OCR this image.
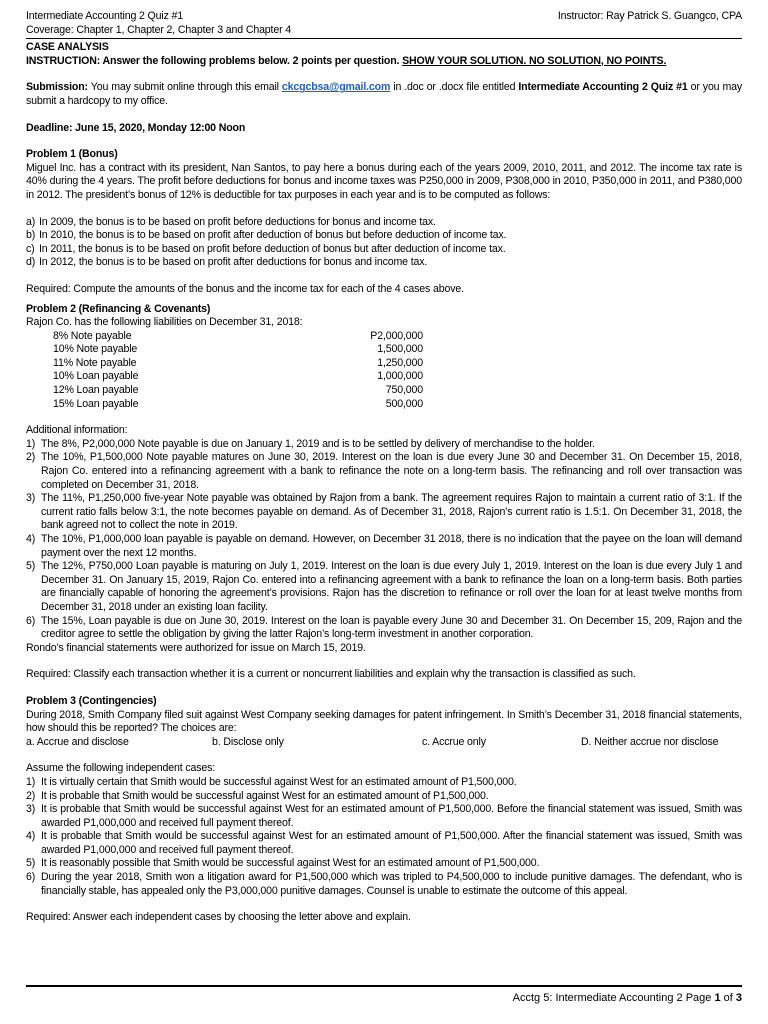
Intermediate Accounting 2 Quiz #1	Instructor: Ray Patrick S. Guangco, CPA
Coverage: Chapter 1, Chapter 2, Chapter 3 and Chapter 4
CASE ANALYSIS
INSTRUCTION: Answer the following problems below. 2 points per question. SHOW YOUR SOLUTION. NO SOLUTION, NO POINTS.

Submission: You may submit online through this email ckcgcbsa@gmail.com in .doc or .docx file entitled Intermediate Accounting 2 Quiz #1 or you may submit a hardcopy to my office.

Deadline: June 15, 2020, Monday 12:00 Noon
Problem 1 (Bonus)

Miguel Inc. has a contract with its president, Nan Santos, to pay here a bonus during each of the years 2009, 2010, 2011, and 2012. The income tax rate is 40% during the 4 years. The profit before deductions for bonus and income taxes was P250,000 in 2009, P308,000 in 2010, P350,000 in 2011, and P380,000 in 2012. The president’s bonus of 12% is deductible for tax purposes in each year and is to be computed as follows:

a) In 2009, the bonus is to be based on profit before deductions for bonus and income tax.
b) In 2010, the bonus is to be based on profit after deduction of bonus but before deduction of income tax.
c) In 2011, the bonus is to be based on profit before deduction of bonus but after deduction of income tax.
d) In 2012, the bonus is to be based on profit after deductions for bonus and income tax.
Required: Compute the amounts of the bonus and the income tax for each of the 4 cases above.
Problem 2 (Refinancing & Covenants)
Rajon Co. has the following liabilities on December 31, 2018:
8% Note payable	P2,000,000
10% Note payable	1,500,000
11% Note payable	1,250,000
10% Loan payable	1,000,000
12% Loan payable	750,000
15% Loan payable	500,000
Additional information:
1) The 8%, P2,000,000 Note payable is due on January 1, 2019 and is to be settled by delivery of merchandise to the holder.
2) The 10%, P1,500,000 Note payable matures on June 30, 2019. Interest on the loan is due every June 30 and December 31. On December 15, 2018, Rajon Co. entered into a refinancing agreement with a bank to refinance the note on a long-term basis. The refinancing and roll over transaction was completed on December 31, 2018.
3) The 11%, P1,250,000 five-year Note payable was obtained by Rajon from a bank. The agreement requires Rajon to maintain a current ratio of 3:1. If the current ratio falls below 3:1, the note becomes payable on demand. As of December 31, 2018, Rajon’s current ratio is 1.5:1. On December 31, 2018, the bank agreed not to collect the note in 2019.
4) The 10%, P1,000,000 loan payable is payable on demand. However, on December 31 2018, there is no indication that the payee on the loan will demand payment over the next 12 months.
5) The 12%, P750,000 Loan payable is maturing on July 1, 2019. Interest on the loan is due every July 1, 2019. Interest on the loan is due every July 1 and December 31. On January 15, 2019, Rajon Co. entered into a refinancing agreement with a bank to refinance the loan on a long-term basis. Both parties are financially capable of honoring the agreement’s provisions. Rajon has the discretion to refinance or roll over the loan for at least twelve months from December 31, 2018 under an existing loan facility.
6) The 15%, Loan payable is due on June 30, 2019. Interest on the loan is payable every June 30 and December 31. On December 15, 209, Rajon and the creditor agree to settle the obligation by giving the latter Rajon’s long-term investment in another corporation.
Rondo’s financial statements were authorized for issue on March 15, 2019.
Required: Classify each transaction whether it is a current or noncurrent liabilities and explain why the transaction is classified as such.
Problem 3 (Contingencies)

During 2018, Smith Company filed suit against West Company seeking damages for patent infringement. In Smith’s December 31, 2018 financial statements, how should this be reported? The choices are:

a. Accrue and disclose	b. Disclose only	c. Accrue only	D. Neither accrue nor disclose
Assume the following independent cases:
1) It is virtually certain that Smith would be successful against West for an estimated amount of P1,500,000.
2) It is probable that Smith would be successful against West for an estimated amount of P1,500,000.
3) It is probable that Smith would be successful against West for an estimated amount of P1,500,000. Before the financial statement was issued, Smith was awarded P1,000,000 and received full payment thereof.
4) It is probable that Smith would be successful against West for an estimated amount of P1,500,000. After the financial statement was issued, Smith was awarded P1,000,000 and received full payment thereof.
5) It is reasonably possible that Smith would be successful against West for an estimated amount of P1,500,000.
6) During the year 2018, Smith won a litigation award for P1,500,000 which was tripled to P4,500,000 to include punitive damages. The defendant, who is financially stable, has appealed only the P3,000,000 punitive damages. Counsel is unable to estimate the outcome of this appeal.
Required: Answer each independent cases by choosing the letter above and explain.
Acctg 5: Intermediate Accounting 2 Page 1 of 3
